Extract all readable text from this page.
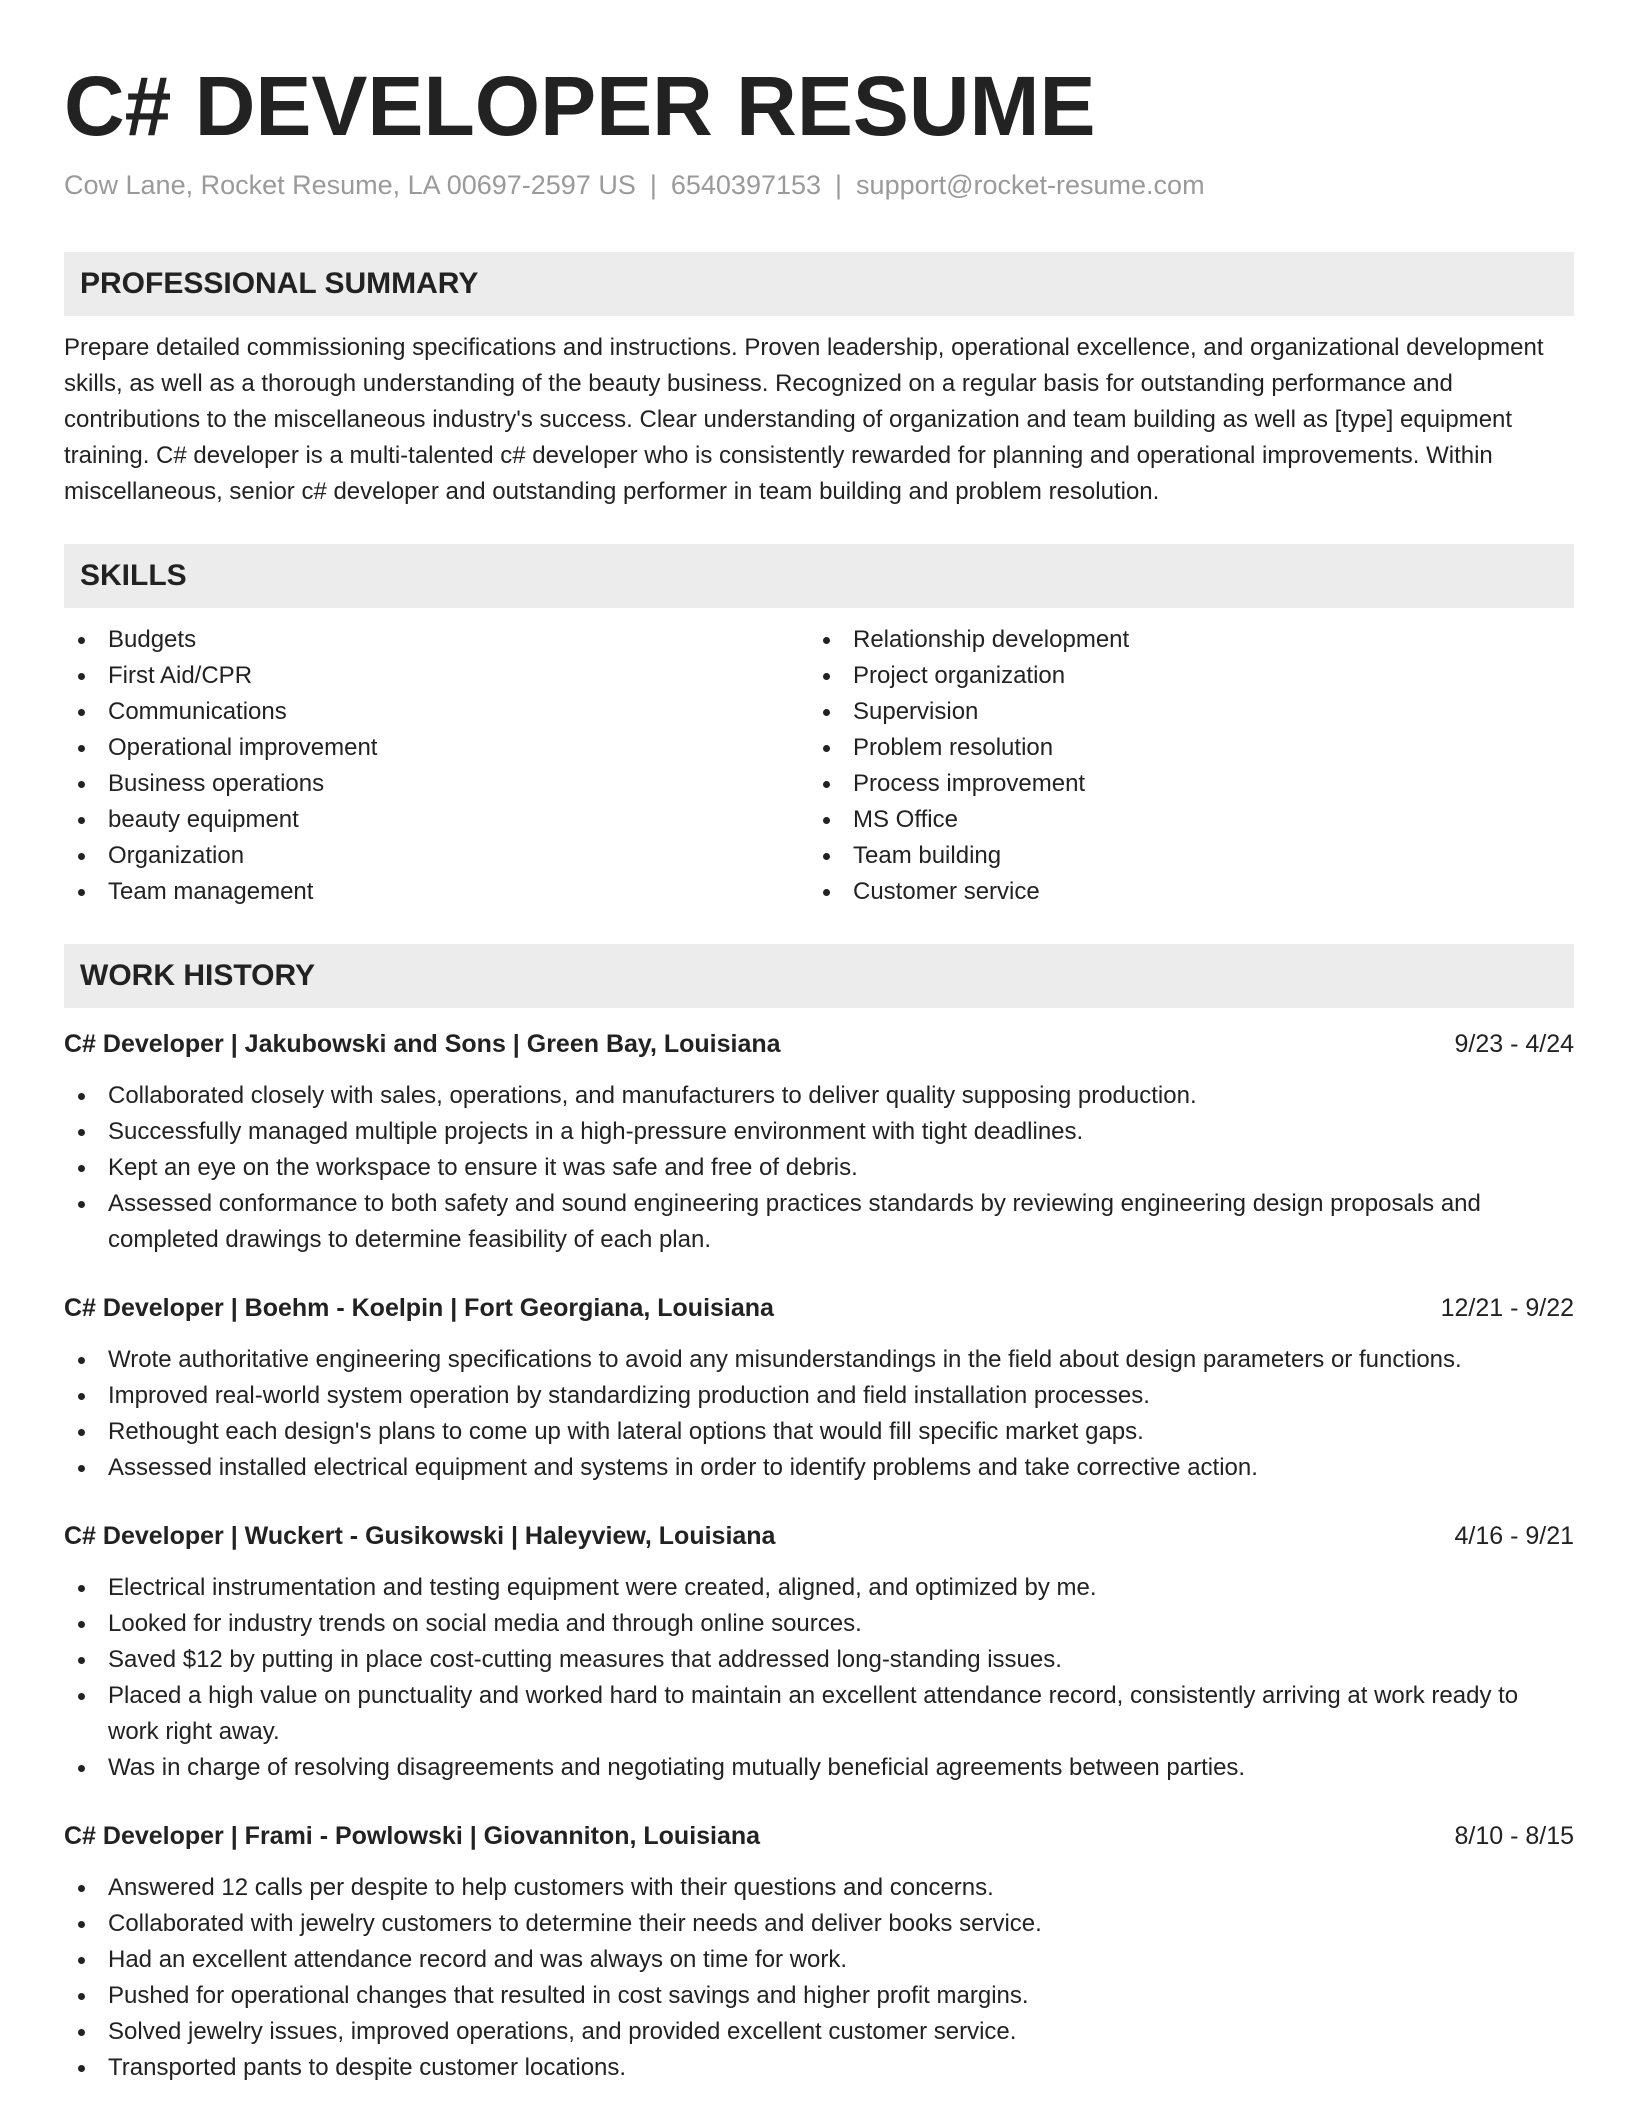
C# DEVELOPER RESUME
Cow Lane, Rocket Resume, LA 00697-2597 US | 6540397153 | support@rocket-resume.com
PROFESSIONAL SUMMARY
Prepare detailed commissioning specifications and instructions. Proven leadership, operational excellence, and organizational development skills, as well as a thorough understanding of the beauty business. Recognized on a regular basis for outstanding performance and contributions to the miscellaneous industry's success. Clear understanding of organization and team building as well as [type] equipment training. C# developer is a multi-talented c# developer who is consistently rewarded for planning and operational improvements. Within miscellaneous, senior c# developer and outstanding performer in team building and problem resolution.
SKILLS
Budgets
First Aid/CPR
Communications
Operational improvement
Business operations
beauty equipment
Organization
Team management
Relationship development
Project organization
Supervision
Problem resolution
Process improvement
MS Office
Team building
Customer service
WORK HISTORY
C# Developer | Jakubowski and Sons | Green Bay, Louisiana	9/23 - 4/24
Collaborated closely with sales, operations, and manufacturers to deliver quality supposing production.
Successfully managed multiple projects in a high-pressure environment with tight deadlines.
Kept an eye on the workspace to ensure it was safe and free of debris.
Assessed conformance to both safety and sound engineering practices standards by reviewing engineering design proposals and completed drawings to determine feasibility of each plan.
C# Developer | Boehm - Koelpin | Fort Georgiana, Louisiana	12/21 - 9/22
Wrote authoritative engineering specifications to avoid any misunderstandings in the field about design parameters or functions.
Improved real-world system operation by standardizing production and field installation processes.
Rethought each design's plans to come up with lateral options that would fill specific market gaps.
Assessed installed electrical equipment and systems in order to identify problems and take corrective action.
C# Developer | Wuckert - Gusikowski | Haleyview, Louisiana	4/16 - 9/21
Electrical instrumentation and testing equipment were created, aligned, and optimized by me.
Looked for industry trends on social media and through online sources.
Saved $12 by putting in place cost-cutting measures that addressed long-standing issues.
Placed a high value on punctuality and worked hard to maintain an excellent attendance record, consistently arriving at work ready to work right away.
Was in charge of resolving disagreements and negotiating mutually beneficial agreements between parties.
C# Developer | Frami - Powlowski | Giovanniton, Louisiana	8/10 - 8/15
Answered 12 calls per despite to help customers with their questions and concerns.
Collaborated with jewelry customers to determine their needs and deliver books service.
Had an excellent attendance record and was always on time for work.
Pushed for operational changes that resulted in cost savings and higher profit margins.
Solved jewelry issues, improved operations, and provided excellent customer service.
Transported pants to despite customer locations.
